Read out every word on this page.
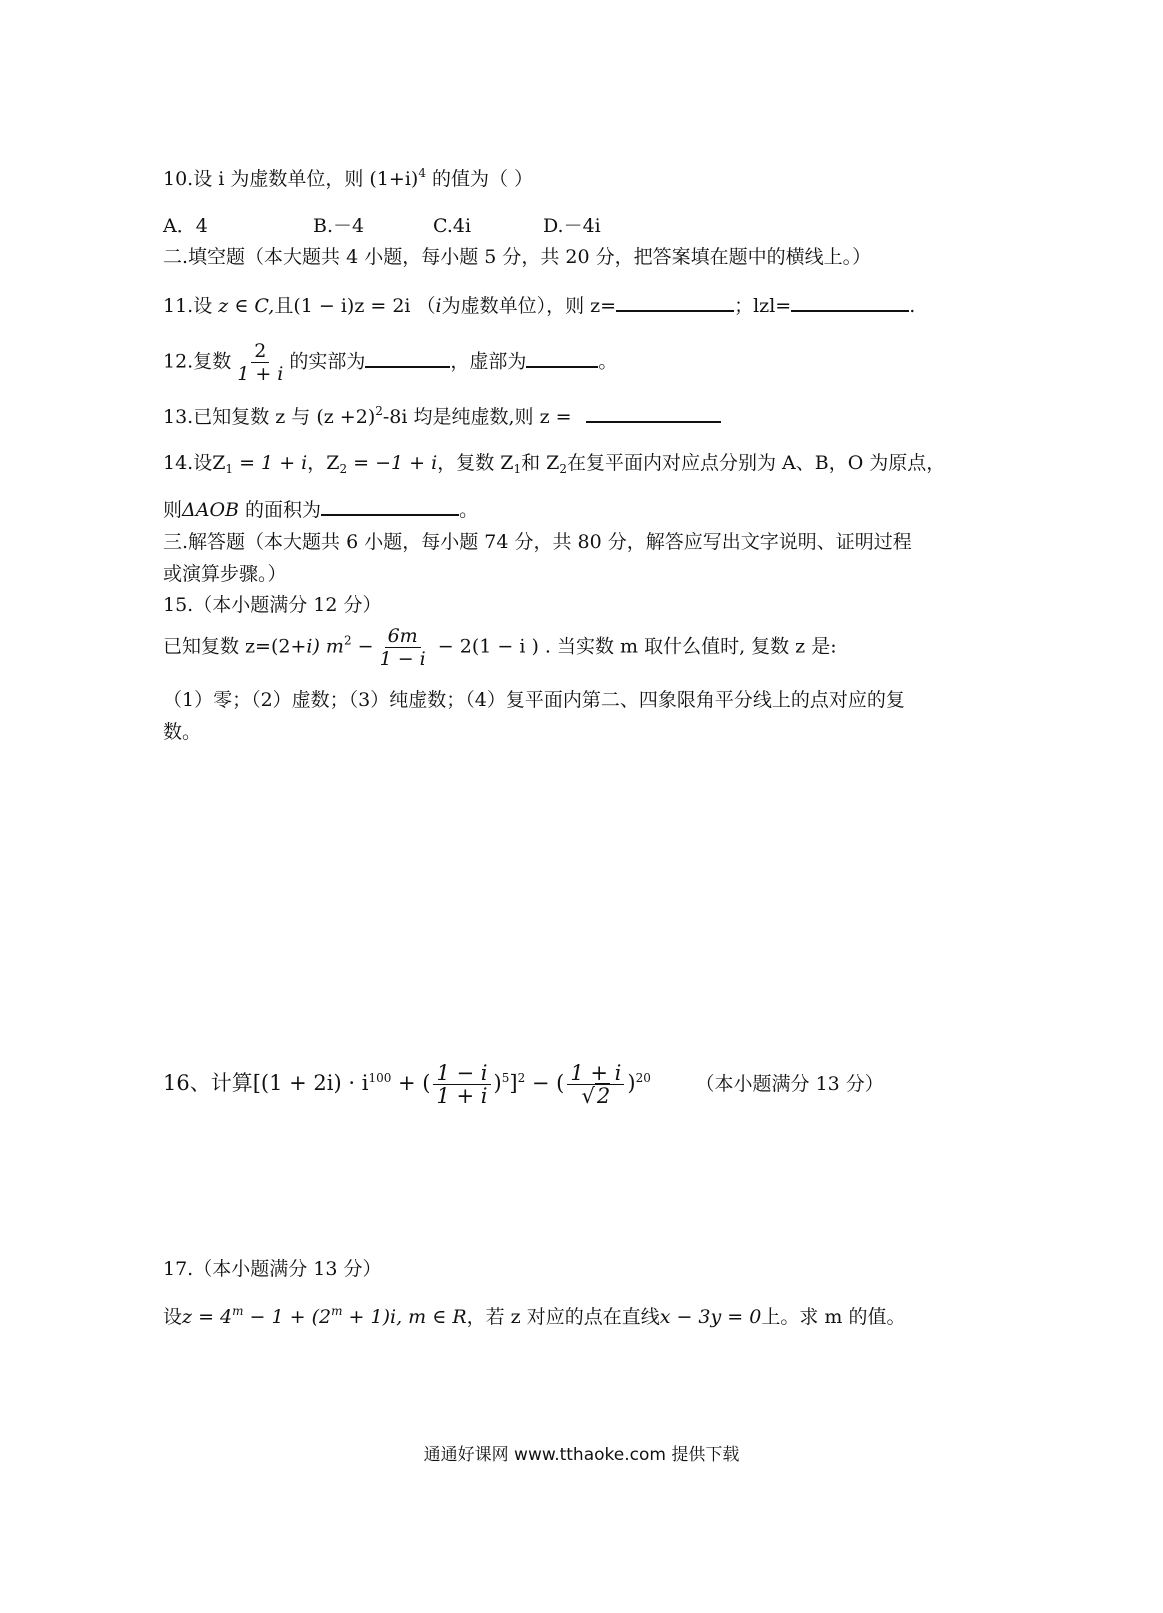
10.设 i 为虚数单位，则 $(1+i)^4$ 的值为（ ）
A．4	B.－4	C.4i	D.－4i
二.填空题（本大题共 4 小题，每小题 5 分，共 20 分，把答案填在题中的横线上。）
11.设 z ∈ C,且(1 − i)z = 2i （i为虚数单位），则 z=	；lzl=	.
12.复数 $\frac{2}{1 + i}$ 的实部为	，虚部为	。
13.已知复数 z 与 $(z +2)^2-8i$ 均是纯虚数,则 z =
14.设$Z_1 = 1 + i$，$Z_2 = -1 + i$，复数 $Z_1$和 $Z_2$在复平面内对应点分别为 A、B，O 为原点，
则ΔAOB 的面积为	。
三.解答题（本大题共 6 小题，每小题 74 分，共 80 分，解答应写出文字说明、证明过程
或演算步骤。）
15.（本小题满分 12 分）
已知复数 z=(2+i) $m^2 - \frac{6m}{1 - i} - 2(1 - i$ ) . 当实数 m 取什么值时, 复数 z 是:
（1）零；（2）虚数；（3）纯虚数；（4）复平面内第二、四象限角平分线上的点对应的复
数。
16、计算[$(1 + 2i) \cdot i^{100}$ + ( $\frac{1 - i}{1 + i} )^5]^2$ − ( $\frac{1 + i}{√2} )^{20}$ （本小题满分 13 分）
17.（本小题满分 13 分）
设$z = 4^m - 1 + (2^m + 1)i$, m ∈ R，若 z 对应的点在直线x − 3y = 0上。求 m 的值。
通通好课网 www.tthaoke.com 提供下载
